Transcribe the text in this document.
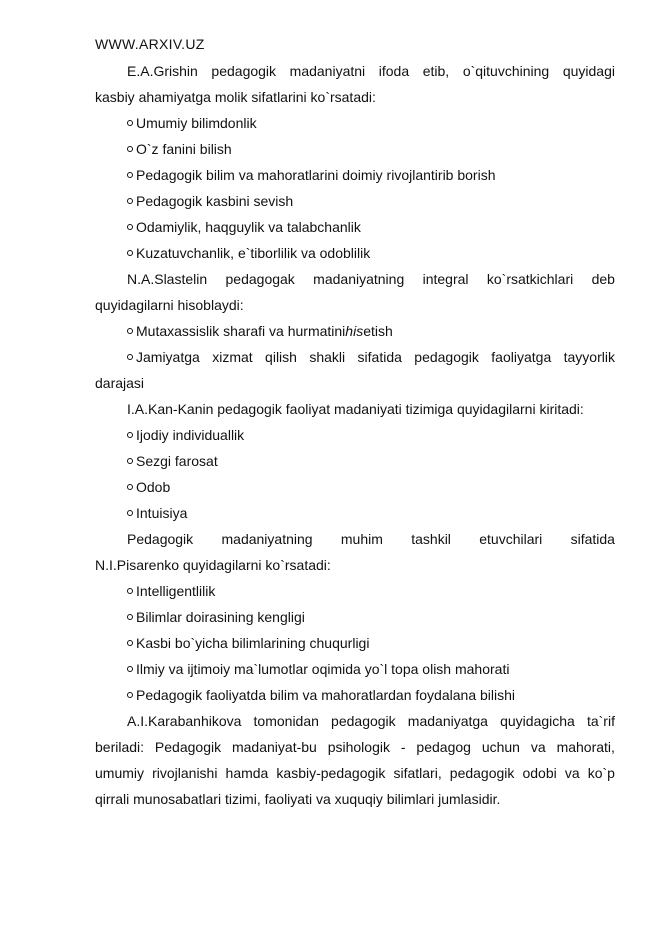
WWW.ARXIV.UZ
E.A.Grishin pedagogik madaniyatni ifoda etib, o`qituvchining quyidagi
kasbiy ahamiyatga molik sifatlarini ko`rsatadi:
Umumiy bilimdonlik
O`z fanini bilish
Pedagogik bilim va mahoratlarini doimiy rivojlantirib borish
Pedagogik kasbini sevish
Odamiylik, haqguylik va talabchanlik
Kuzatuvchanlik, e`tiborlilik va odoblilik
N.A.Slastelin pedagogak madaniyatning integral ko`rsatkichlari deb
quyidagilarni hisoblaydi:
Mutaxassislik sharafi va hurmatini his etish
Jamiyatga xizmat qilish shakli sifatida pedagogik faoliyatga tayyorlik
darajasi
I.A.Kan-Kanin pedagogik faoliyat madaniyati tizimiga quyidagilarni kiritadi:
Ijodiy individuallik
Sezgi farosat
Odob
Intuisiya
Pedagogik madaniyatning muhim tashkil etuvchilari sifatida
N.I.Pisarenko quyidagilarni ko`rsatadi:
Intelligentlilik
Bilimlar doirasining kengligi
Kasbi bo`yicha bilimlarining chuqurligi
Ilmiy va ijtimoiy ma`lumotlar oqimida yo`l topa olish mahorati
Pedagogik faoliyatda bilim va mahoratlardan foydalana bilishi
A.I.Karabanhikova tomonidan pedagogik madaniyatga quyidagicha ta`rif
beriladi: Pedagogik madaniyat-bu psihologik - pedagog uchun va mahorati,
umumiy rivojlanishi hamda kasbiy-pedagogik sifatlari, pedagogik odobi va ko`p
qirrali munosabatlari tizimi, faoliyati va xuquqiy bilimlari jumlasidir.
